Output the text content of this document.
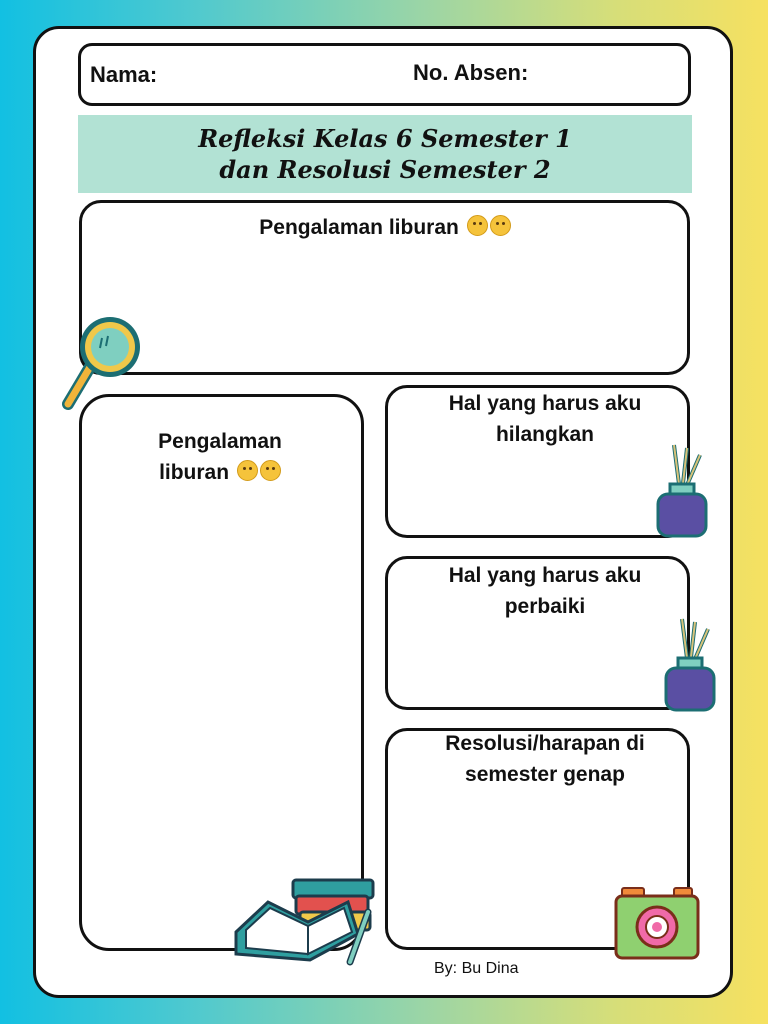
Nama:	No. Absen:
Refleksi Kelas 6 Semester 1
dan Resolusi Semester 2
Pengalaman liburan
Pengalaman
liburan
Hal yang harus aku
hilangkan
Hal yang harus aku
perbaiki
Resolusi/harapan di
semester genap
By: Bu Dina
